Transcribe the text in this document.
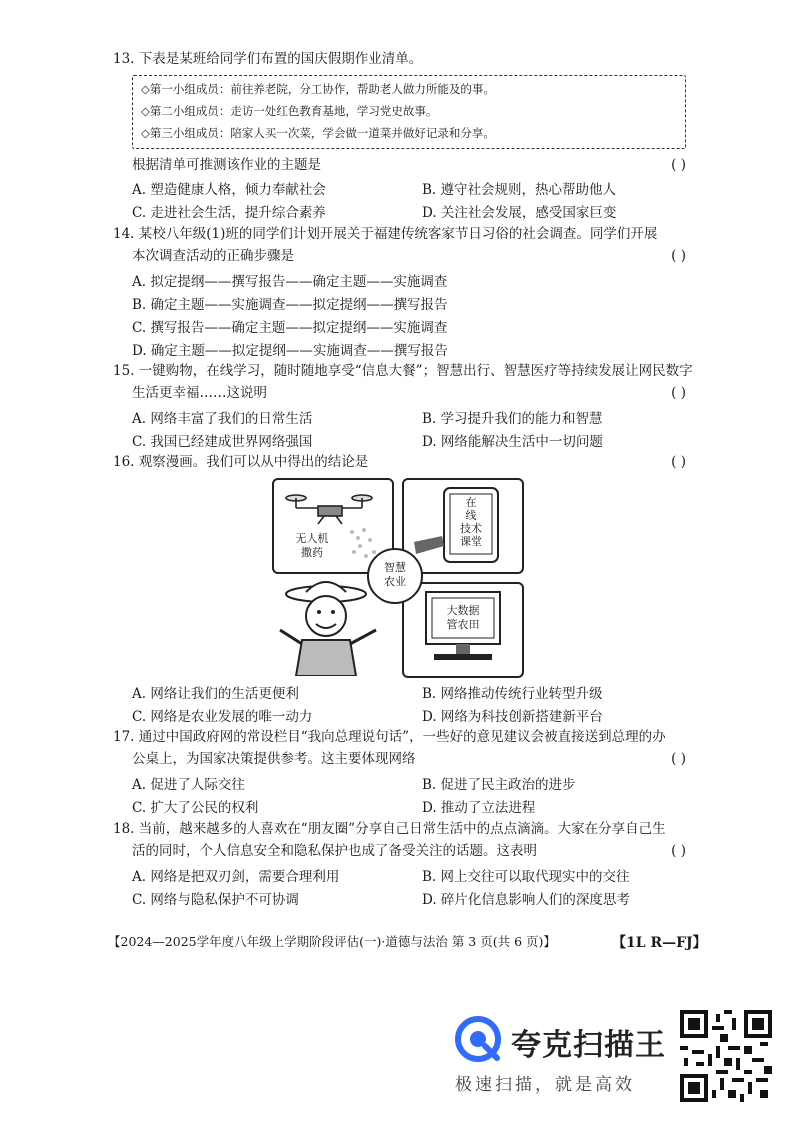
13. 下表是某班给同学们布置的国庆假期作业清单。
◇第一小组成员：前往养老院，分工协作，帮助老人做力所能及的事。
◇第二小组成员：走访一处红色教育基地，学习党史故事。
◇第三小组成员：陪家人买一次菜，学会做一道菜并做好记录和分享。
根据清单可推测该作业的主题是	( )
A. 塑造健康人格，倾力奉献社会	B. 遵守社会规则，热心帮助他人
C. 走进社会生活，提升综合素养	D. 关注社会发展，感受国家巨变
14. 某校八年级(1)班的同学们计划开展关于福建传统客家节日习俗的社会调查。同学们开展
本次调查活动的正确步骤是	( )
A. 拟定提纲——撰写报告——确定主题——实施调查
B. 确定主题——实施调查——拟定提纲——撰写报告
C. 撰写报告——确定主题——拟定提纲——实施调查
D. 确定主题——拟定提纲——实施调查——撰写报告
15. 一键购物，在线学习，随时随地享受“信息大餐”；智慧出行、智慧医疗等持续发展让网民数字
生活更幸福……这说明	( )
A. 网络丰富了我们的日常生活	B. 学习提升我们的能力和智慧
C. 我国已经建成世界网络强国	D. 网络能解决生活中一切问题
16. 观察漫画。我们可以从中得出的结论是	( )
无人机
撒药
在
线
技术
课堂
大数据
管农田
智慧
农业
A. 网络让我们的生活更便利	B. 网络推动传统行业转型升级
C. 网络是农业发展的唯一动力	D. 网络为科技创新搭建新平台
17. 通过中国政府网的常设栏目“我向总理说句话”，一些好的意见建议会被直接送到总理的办
公桌上，为国家决策提供参考。这主要体现网络	( )
A. 促进了人际交往	B. 促进了民主政治的进步
C. 扩大了公民的权利	D. 推动了立法进程
18. 当前，越来越多的人喜欢在“朋友圈”分享自己日常生活中的点点滴滴。大家在分享自己生
活的同时，个人信息安全和隐私保护也成了备受关注的话题。这表明	( )
A. 网络是把双刃剑，需要合理利用	B. 网上交往可以取代现实中的交往
C. 网络与隐私保护不可协调	D. 碎片化信息影响人们的深度思考
【2024—2025学年度八年级上学期阶段评估(一)·道德与法治 第 3 页(共 6 页)】	【1L R—FJ】
夸克扫描王
极速扫描，就是高效
